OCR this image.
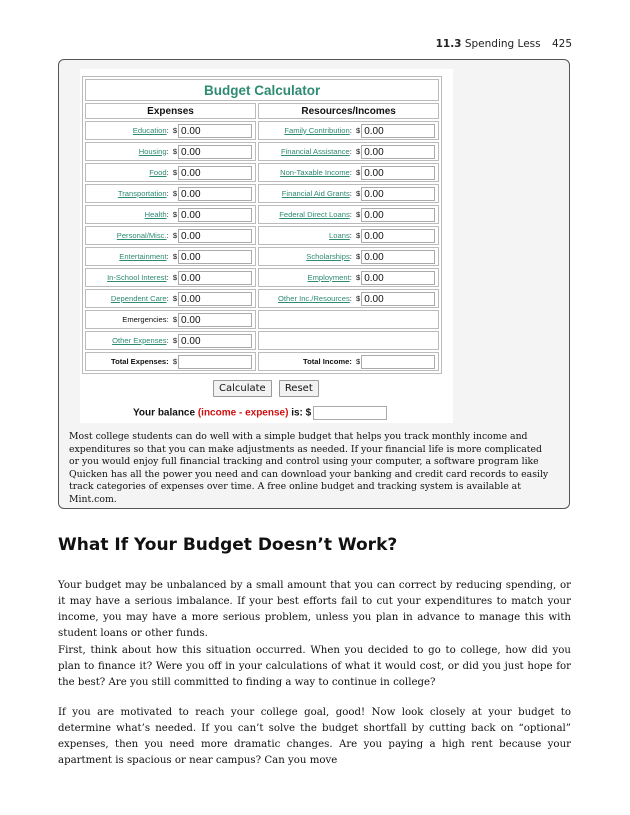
11.3 Spending Less 425
Budget Calculator	
Expenses	Resources/Incomes
Education: $ 0.00	Family Contribution: $ 0.00
Housing: $ 0.00	Financial Assistance: $ 0.00
Food: $ 0.00	Non-Taxable Income: $ 0.00
Transportation: $ 0.00	Financial Aid Grants: $ 0.00
Health: $ 0.00	Federal Direct Loans: $ 0.00
Personal/Misc.: $ 0.00	Loans: $ 0.00
Entertainment: $ 0.00	Scholarships: $ 0.00
In-School Interest: $ 0.00	Employment: $ 0.00
Dependent Care: $ 0.00	Other Inc./Resources: $ 0.00
Emergencies: $ 0.00	
Other Expenses: $ 0.00	
Total Expenses: $	Total Income: $
Calculate Reset
Your balance (income - expense) is: $

Most college students can do well with a simple budget that helps you track monthly income and expenditures so that you can make adjustments as needed. If your financial life is more complicated or you would enjoy full financial tracking and control using your computer, a software program like Quicken has all the power you need and can download your banking and credit card records to easily track categories of expenses over time. A free online budget and tracking system is available at Mint.com.

What If Your Budget Doesn’t Work?

Your budget may be unbalanced by a small amount that you can correct by reducing spending, or it may have a serious imbalance. If your best efforts fail to cut your expenditures to match your income, you may have a more serious problem, unless you plan in advance to manage this with student loans or other funds.

First, think about how this situation occurred. When you decided to go to college, how did you plan to finance it? Were you off in your calculations of what it would cost, or did you just hope for the best? Are you still committed to finding a way to continue in college?

If you are motivated to reach your college goal, good! Now look closely at your budget to determine what’s needed. If you can’t solve the budget shortfall by cutting back on “optional” expenses, then you need more dramatic changes. Are you paying a high rent because your apartment is spacious or near campus? Can you move
